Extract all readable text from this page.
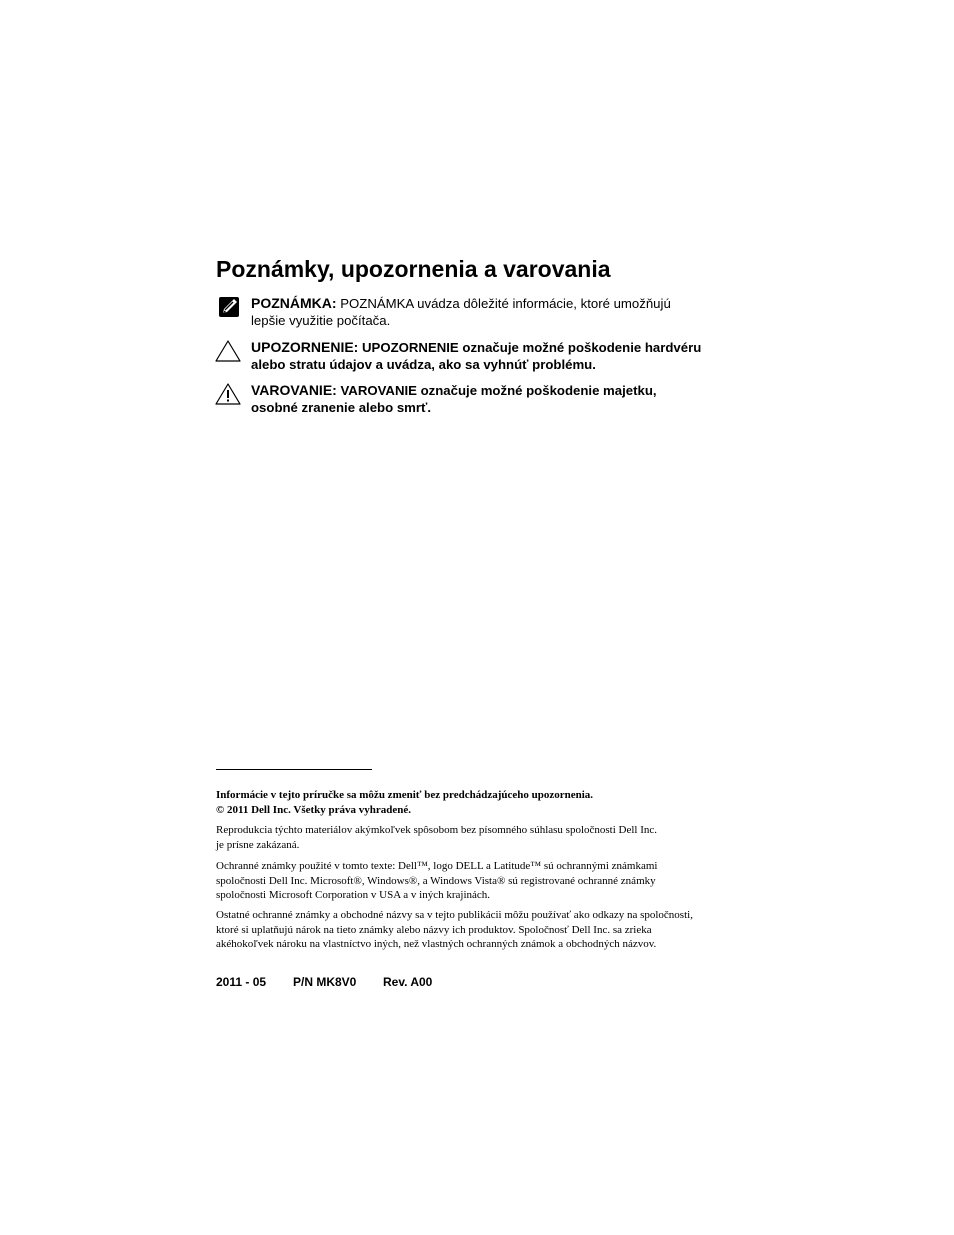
Poznámky, upozornenia a varovania
POZNÁMKA: POZNÁMKA uvádza dôležité informácie, ktoré umožňujú
lepšie využitie počítača.
UPOZORNENIE: UPOZORNENIE označuje možné poškodenie hardvéru
alebo stratu údajov a uvádza, ako sa vyhnúť problému.
VAROVANIE: VAROVANIE označuje možné poškodenie majetku,
osobné zranenie alebo smrť.

Informácie v tejto príručke sa môžu zmeniť bez predchádzajúceho upozornenia.

© 2011 Dell Inc. Všetky práva vyhradené.

Reprodukcia týchto materiálov akýmkoľvek spôsobom bez písomného súhlasu spoločnosti Dell Inc.

je prísne zakázaná.

Ochranné známky použité v tomto texte: Dell™, logo DELL a Latitude™ sú ochrannými známkami

spoločnosti Dell Inc. Microsoft®, Windows®, a Windows Vista® sú registrované ochranné známky

spoločnosti Microsoft Corporation v USA a v iných krajinách.

Ostatné ochranné známky a obchodné názvy sa v tejto publikácii môžu používať ako odkazy na spoločnosti,

ktoré si uplatňujú nárok na tieto známky alebo názvy ich produktov. Spoločnosť Dell Inc. sa zrieka

akéhokoľvek nároku na vlastníctvo iných, než vlastných ochranných známok a obchodných názvov.

2011 - 05 P/N MK8V0 Rev. A00
